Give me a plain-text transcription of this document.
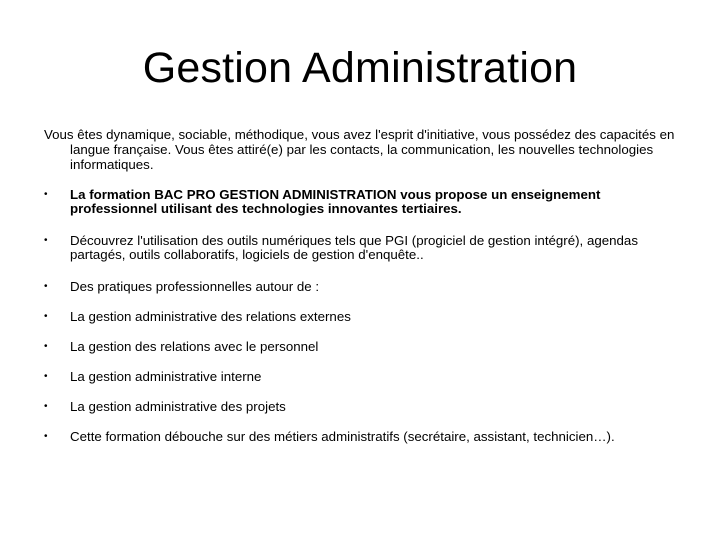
Gestion Administration

Vous êtes dynamique, sociable, méthodique, vous avez l'esprit d'initiative, vous possédez des capacités en langue française. Vous êtes attiré(e) par les contacts, la communication, les nouvelles technologies informatiques.

• La formation BAC PRO GESTION ADMINISTRATION vous propose un enseignement professionnel utilisant des technologies innovantes tertiaires.
• Découvrez l'utilisation des outils numériques tels que PGI (progiciel de gestion intégré), agendas partagés, outils collaboratifs, logiciels de gestion d'enquête..
• Des pratiques professionnelles autour de :
• La gestion administrative des relations externes
• La gestion des relations avec le personnel
• La gestion administrative interne
• La gestion administrative des projets
• Cette formation débouche sur des métiers administratifs (secrétaire, assistant, technicien…).
